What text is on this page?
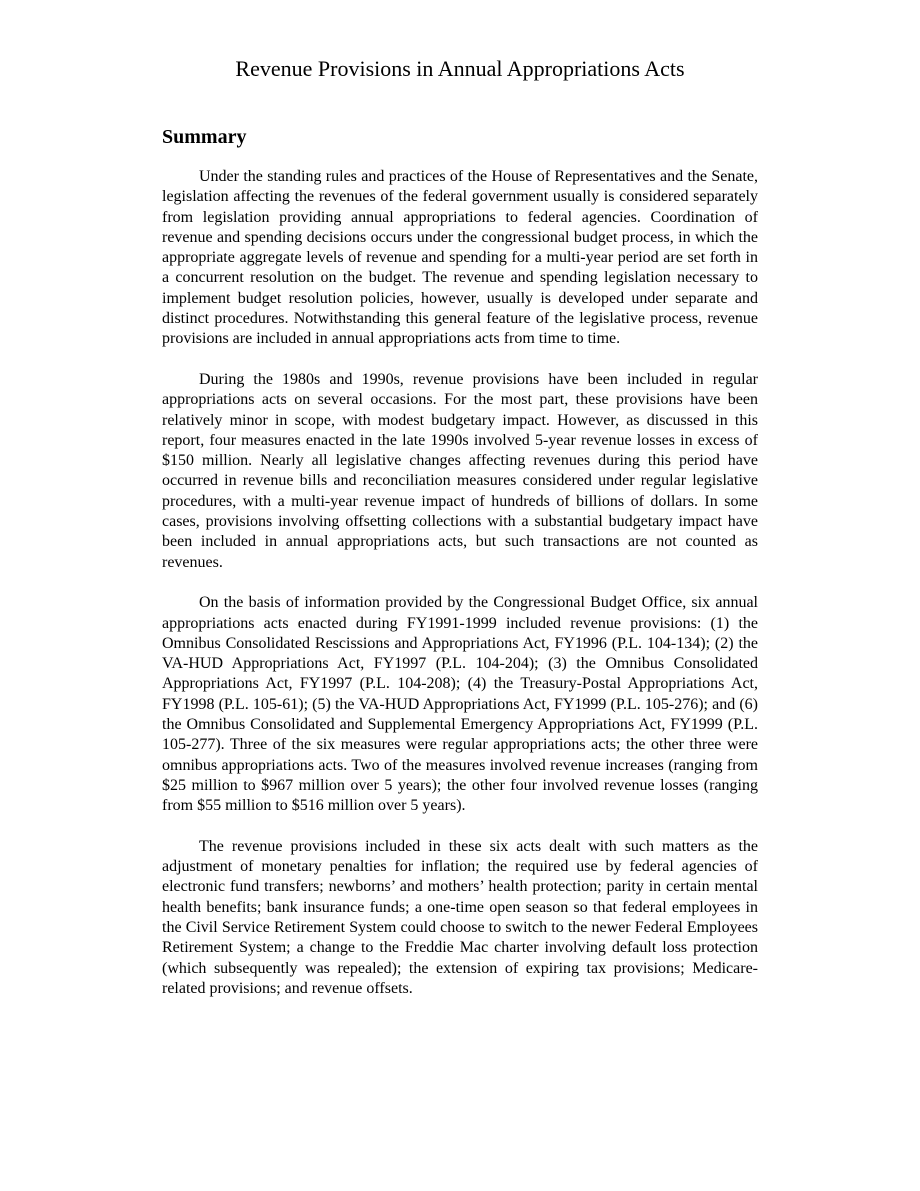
Revenue Provisions in Annual Appropriations Acts
Summary

Under the standing rules and practices of the House of Representatives and the Senate, legislation affecting the revenues of the federal government usually is considered separately from legislation providing annual appropriations to federal agencies. Coordination of revenue and spending decisions occurs under the congressional budget process, in which the appropriate aggregate levels of revenue and spending for a multi-year period are set forth in a concurrent resolution on the budget. The revenue and spending legislation necessary to implement budget resolution policies, however, usually is developed under separate and distinct procedures. Notwithstanding this general feature of the legislative process, revenue provisions are included in annual appropriations acts from time to time.

During the 1980s and 1990s, revenue provisions have been included in regular appropriations acts on several occasions. For the most part, these provisions have been relatively minor in scope, with modest budgetary impact. However, as discussed in this report, four measures enacted in the late 1990s involved 5-year revenue losses in excess of $150 million. Nearly all legislative changes affecting revenues during this period have occurred in revenue bills and reconciliation measures considered under regular legislative procedures, with a multi-year revenue impact of hundreds of billions of dollars. In some cases, provisions involving offsetting collections with a substantial budgetary impact have been included in annual appropriations acts, but such transactions are not counted as revenues.

On the basis of information provided by the Congressional Budget Office, six annual appropriations acts enacted during FY1991-1999 included revenue provisions: (1) the Omnibus Consolidated Rescissions and Appropriations Act, FY1996 (P.L. 104-134); (2) the VA-HUD Appropriations Act, FY1997 (P.L. 104-204); (3) the Omnibus Consolidated Appropriations Act, FY1997 (P.L. 104-208); (4) the Treasury-Postal Appropriations Act, FY1998 (P.L. 105-61); (5) the VA-HUD Appropriations Act, FY1999 (P.L. 105-276); and (6) the Omnibus Consolidated and Supplemental Emergency Appropriations Act, FY1999 (P.L. 105-277). Three of the six measures were regular appropriations acts; the other three were omnibus appropriations acts. Two of the measures involved revenue increases (ranging from $25 million to $967 million over 5 years); the other four involved revenue losses (ranging from $55 million to $516 million over 5 years).

The revenue provisions included in these six acts dealt with such matters as the adjustment of monetary penalties for inflation; the required use by federal agencies of electronic fund transfers; newborns’ and mothers’ health protection; parity in certain mental health benefits; bank insurance funds; a one-time open season so that federal employees in the Civil Service Retirement System could choose to switch to the newer Federal Employees Retirement System; a change to the Freddie Mac charter involving default loss protection (which subsequently was repealed); the extension of expiring tax provisions; Medicare-related provisions; and revenue offsets.
